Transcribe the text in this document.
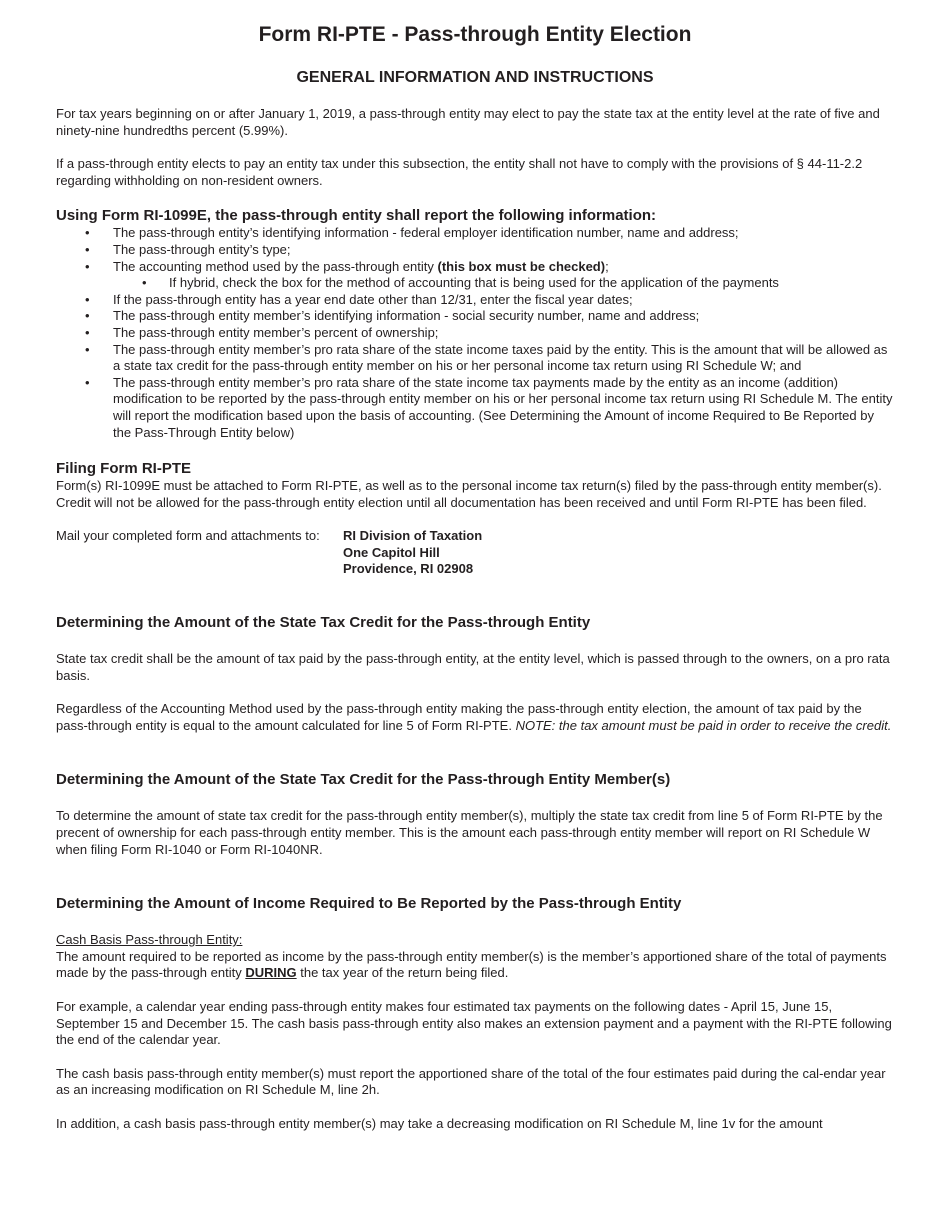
Form RI-PTE - Pass-through Entity Election
GENERAL INFORMATION AND INSTRUCTIONS

For tax years beginning on or after January 1, 2019, a pass-through entity may elect to pay the state tax at the entity level at the rate of five and ninety-nine hundredths percent (5.99%).

If a pass-through entity elects to pay an entity tax under this subsection, the entity shall not have to comply with the provisions of § 44-11-2.2 regarding withholding on non-resident owners.

Using Form RI-1099E, the pass-through entity shall report the following information:
• The pass-through entity’s identifying information - federal employer identification number, name and address;
• The pass-through entity’s type;
• The accounting method used by the pass-through entity (this box must be checked);
• If hybrid, check the box for the method of accounting that is being used for the application of the payments
• If the pass-through entity has a year end date other than 12/31, enter the fiscal year dates;
• The pass-through entity member’s identifying information - social security number, name and address;
• The pass-through entity member’s percent of ownership;
• The pass-through entity member’s pro rata share of the state income taxes paid by the entity. This is the amount that will be allowed as a state tax credit for the pass-through entity member on his or her personal income tax return using RI Schedule W; and
• The pass-through entity member’s pro rata share of the state income tax payments made by the entity as an income (addition) modification to be reported by the pass-through entity member on his or her personal income tax return using RI Schedule M. The entity will report the modification based upon the basis of accounting. (See Determining the Amount of income Required to Be Reported by the Pass-Through Entity below)
Filing Form RI-PTE

Form(s) RI-1099E must be attached to Form RI-PTE, as well as to the personal income tax return(s) filed by the pass-through entity member(s). Credit will not be allowed for the pass-through entity election until all documentation has been received and until Form RI-PTE has been filed.

Mail your completed form and attachments to:	RI Division of Taxation
One Capitol Hill
Providence, RI 02908
Determining the Amount of the State Tax Credit for the Pass-through Entity

State tax credit shall be the amount of tax paid by the pass-through entity, at the entity level, which is passed through to the owners, on a pro rata basis.

Regardless of the Accounting Method used by the pass-through entity making the pass-through entity election, the amount of tax paid by the pass-through entity is equal to the amount calculated for line 5 of Form RI-PTE. NOTE: the tax amount must be paid in order to receive the credit.

Determining the Amount of the State Tax Credit for the Pass-through Entity Member(s)

To determine the amount of state tax credit for the pass-through entity member(s), multiply the state tax credit from line 5 of Form RI-PTE by the precent of ownership for each pass-through entity member. This is the amount each pass-through entity member will report on RI Schedule W when filing Form RI-1040 or Form RI-1040NR.

Determining the Amount of Income Required to Be Reported by the Pass-through Entity

Cash Basis Pass-through Entity:

The amount required to be reported as income by the pass-through entity member(s) is the member’s apportioned share of the total of payments made by the pass-through entity DURING the tax year of the return being filed.

For example, a calendar year ending pass-through entity makes four estimated tax payments on the following dates - April 15, June 15, September 15 and December 15. The cash basis pass-through entity also makes an extension payment and a payment with the RI-PTE following the end of the calendar year.

The cash basis pass-through entity member(s) must report the apportioned share of the total of the four estimates paid during the cal-endar year as an increasing modification on RI Schedule M, line 2h.

In addition, a cash basis pass-through entity member(s) may take a decreasing modification on RI Schedule M, line 1v for the amount
